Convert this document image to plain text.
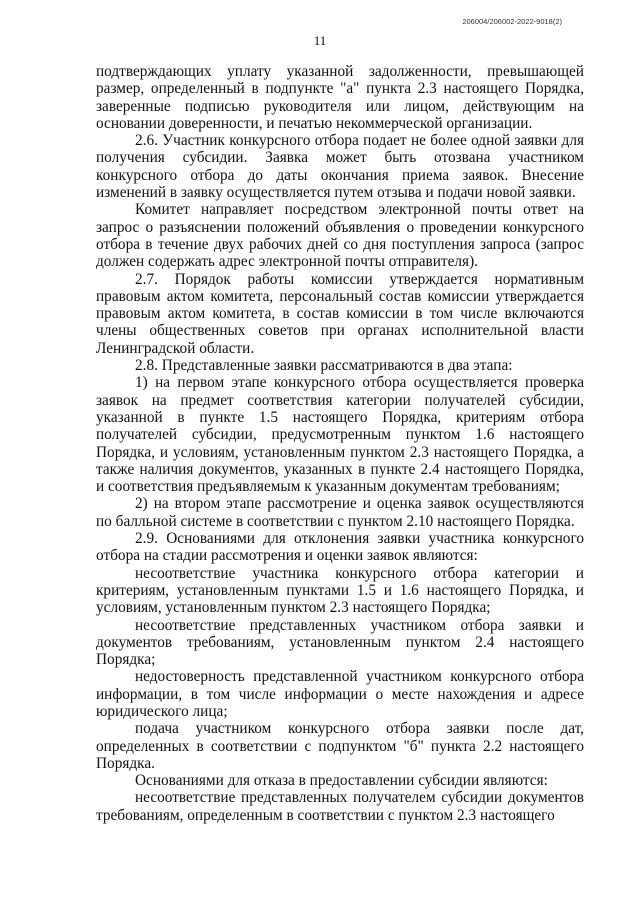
206004/206002-2022-9018(2)
11

подтверждающих уплату указанной задолженности, превышающей размер, определенный в подпункте "а" пункта 2.3 настоящего Порядка, заверенные подписью руководителя или лицом, действующим на основании доверенности, и печатью некоммерческой организации.

2.6. Участник конкурсного отбора подает не более одной заявки для получения субсидии. Заявка может быть отозвана участником конкурсного отбора до даты окончания приема заявок. Внесение изменений в заявку осуществляется путем отзыва и подачи новой заявки.

Комитет направляет посредством электронной почты ответ на запрос о разъяснении положений объявления о проведении конкурсного отбора в течение двух рабочих дней со дня поступления запроса (запрос должен содержать адрес электронной почты отправителя).

2.7. Порядок работы комиссии утверждается нормативным правовым актом комитета, персональный состав комиссии утверждается правовым актом комитета, в состав комиссии в том числе включаются члены общественных советов при органах исполнительной власти Ленинградской области.

2.8. Представленные заявки рассматриваются в два этапа:

1) на первом этапе конкурсного отбора осуществляется проверка заявок на предмет соответствия категории получателей субсидии, указанной в пункте 1.5 настоящего Порядка, критериям отбора получателей субсидии, предусмотренным пунктом 1.6 настоящего Порядка, и условиям, установленным пунктом 2.3 настоящего Порядка, а также наличия документов, указанных в пункте 2.4 настоящего Порядка, и соответствия предъявляемым к указанным документам требованиям;

2) на втором этапе рассмотрение и оценка заявок осуществляются по балльной системе в соответствии с пунктом 2.10 настоящего Порядка.

2.9. Основаниями для отклонения заявки участника конкурсного отбора на стадии рассмотрения и оценки заявок являются:

несоответствие участника конкурсного отбора категории и критериям, установленным пунктами 1.5 и 1.6 настоящего Порядка, и условиям, установленным пунктом 2.3 настоящего Порядка;

несоответствие представленных участником отбора заявки и документов требованиям, установленным пунктом 2.4 настоящего Порядка;

недостоверность представленной участником конкурсного отбора информации, в том числе информации о месте нахождения и адресе юридического лица;

подача участником конкурсного отбора заявки после дат, определенных в соответствии с подпунктом "б" пункта 2.2 настоящего Порядка.

Основаниями для отказа в предоставлении субсидии являются:

несоответствие представленных получателем субсидии документов требованиям, определенным в соответствии с пунктом 2.3 настоящего
